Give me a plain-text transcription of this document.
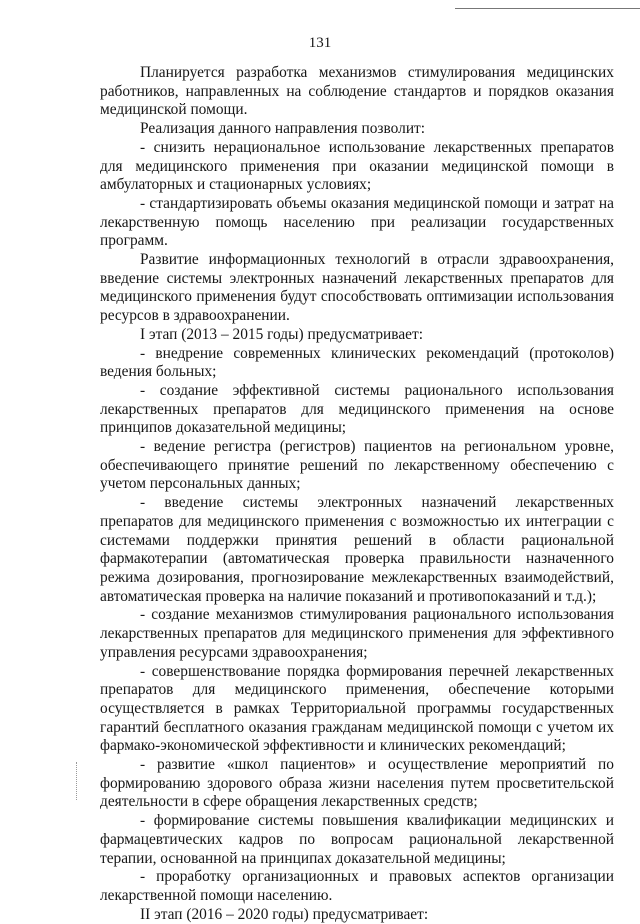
131

Планируется разработка механизмов стимулирования медицинских работников, направленных на соблюдение стандартов и порядков оказания медицинской помощи.

Реализация данного направления позволит:

- снизить нерациональное использование лекарственных препаратов для медицинского применения при оказании медицинской помощи в амбулаторных и стационарных условиях;

- стандартизировать объемы оказания медицинской помощи и затрат на лекарственную помощь населению при реализации государственных программ.

Развитие информационных технологий в отрасли здравоохранения, введение системы электронных назначений лекарственных препаратов для медицинского применения будут способствовать оптимизации использования ресурсов в здравоохранении.

I этап (2013 – 2015 годы) предусматривает:

- внедрение современных клинических рекомендаций (протоколов) ведения больных;

- создание эффективной системы рационального использования лекарственных препаратов для медицинского применения на основе принципов доказательной медицины;

- ведение регистра (регистров) пациентов на региональном уровне, обеспечивающего принятие решений по лекарственному обеспечению с учетом персональных данных;

- введение системы электронных назначений лекарственных препаратов для медицинского применения с возможностью их интеграции с системами поддержки принятия решений в области рациональной фармакотерапии (автоматическая проверка правильности назначенного режима дозирования, прогнозирование межлекарственных взаимодействий, автоматическая проверка на наличие показаний и противопоказаний и т.д.);

- создание механизмов стимулирования рационального использования лекарственных препаратов для медицинского применения для эффективного управления ресурсами здравоохранения;

- совершенствование порядка формирования перечней лекарственных препаратов для медицинского применения, обеспечение которыми осуществляется в рамках Территориальной программы государственных гарантий бесплатного оказания гражданам медицинской помощи с учетом их фармако-экономической эффективности и клинических рекомендаций;

- развитие «школ пациентов» и осуществление мероприятий по формированию здорового образа жизни населения путем просветительской деятельности в сфере обращения лекарственных средств;

- формирование системы повышения квалификации медицинских и фармацевтических кадров по вопросам рациональной лекарственной терапии, основанной на принципах доказательной медицины;

- проработку организационных и правовых аспектов организации лекарственной помощи населению.

II этап (2016 – 2020 годы) предусматривает:
